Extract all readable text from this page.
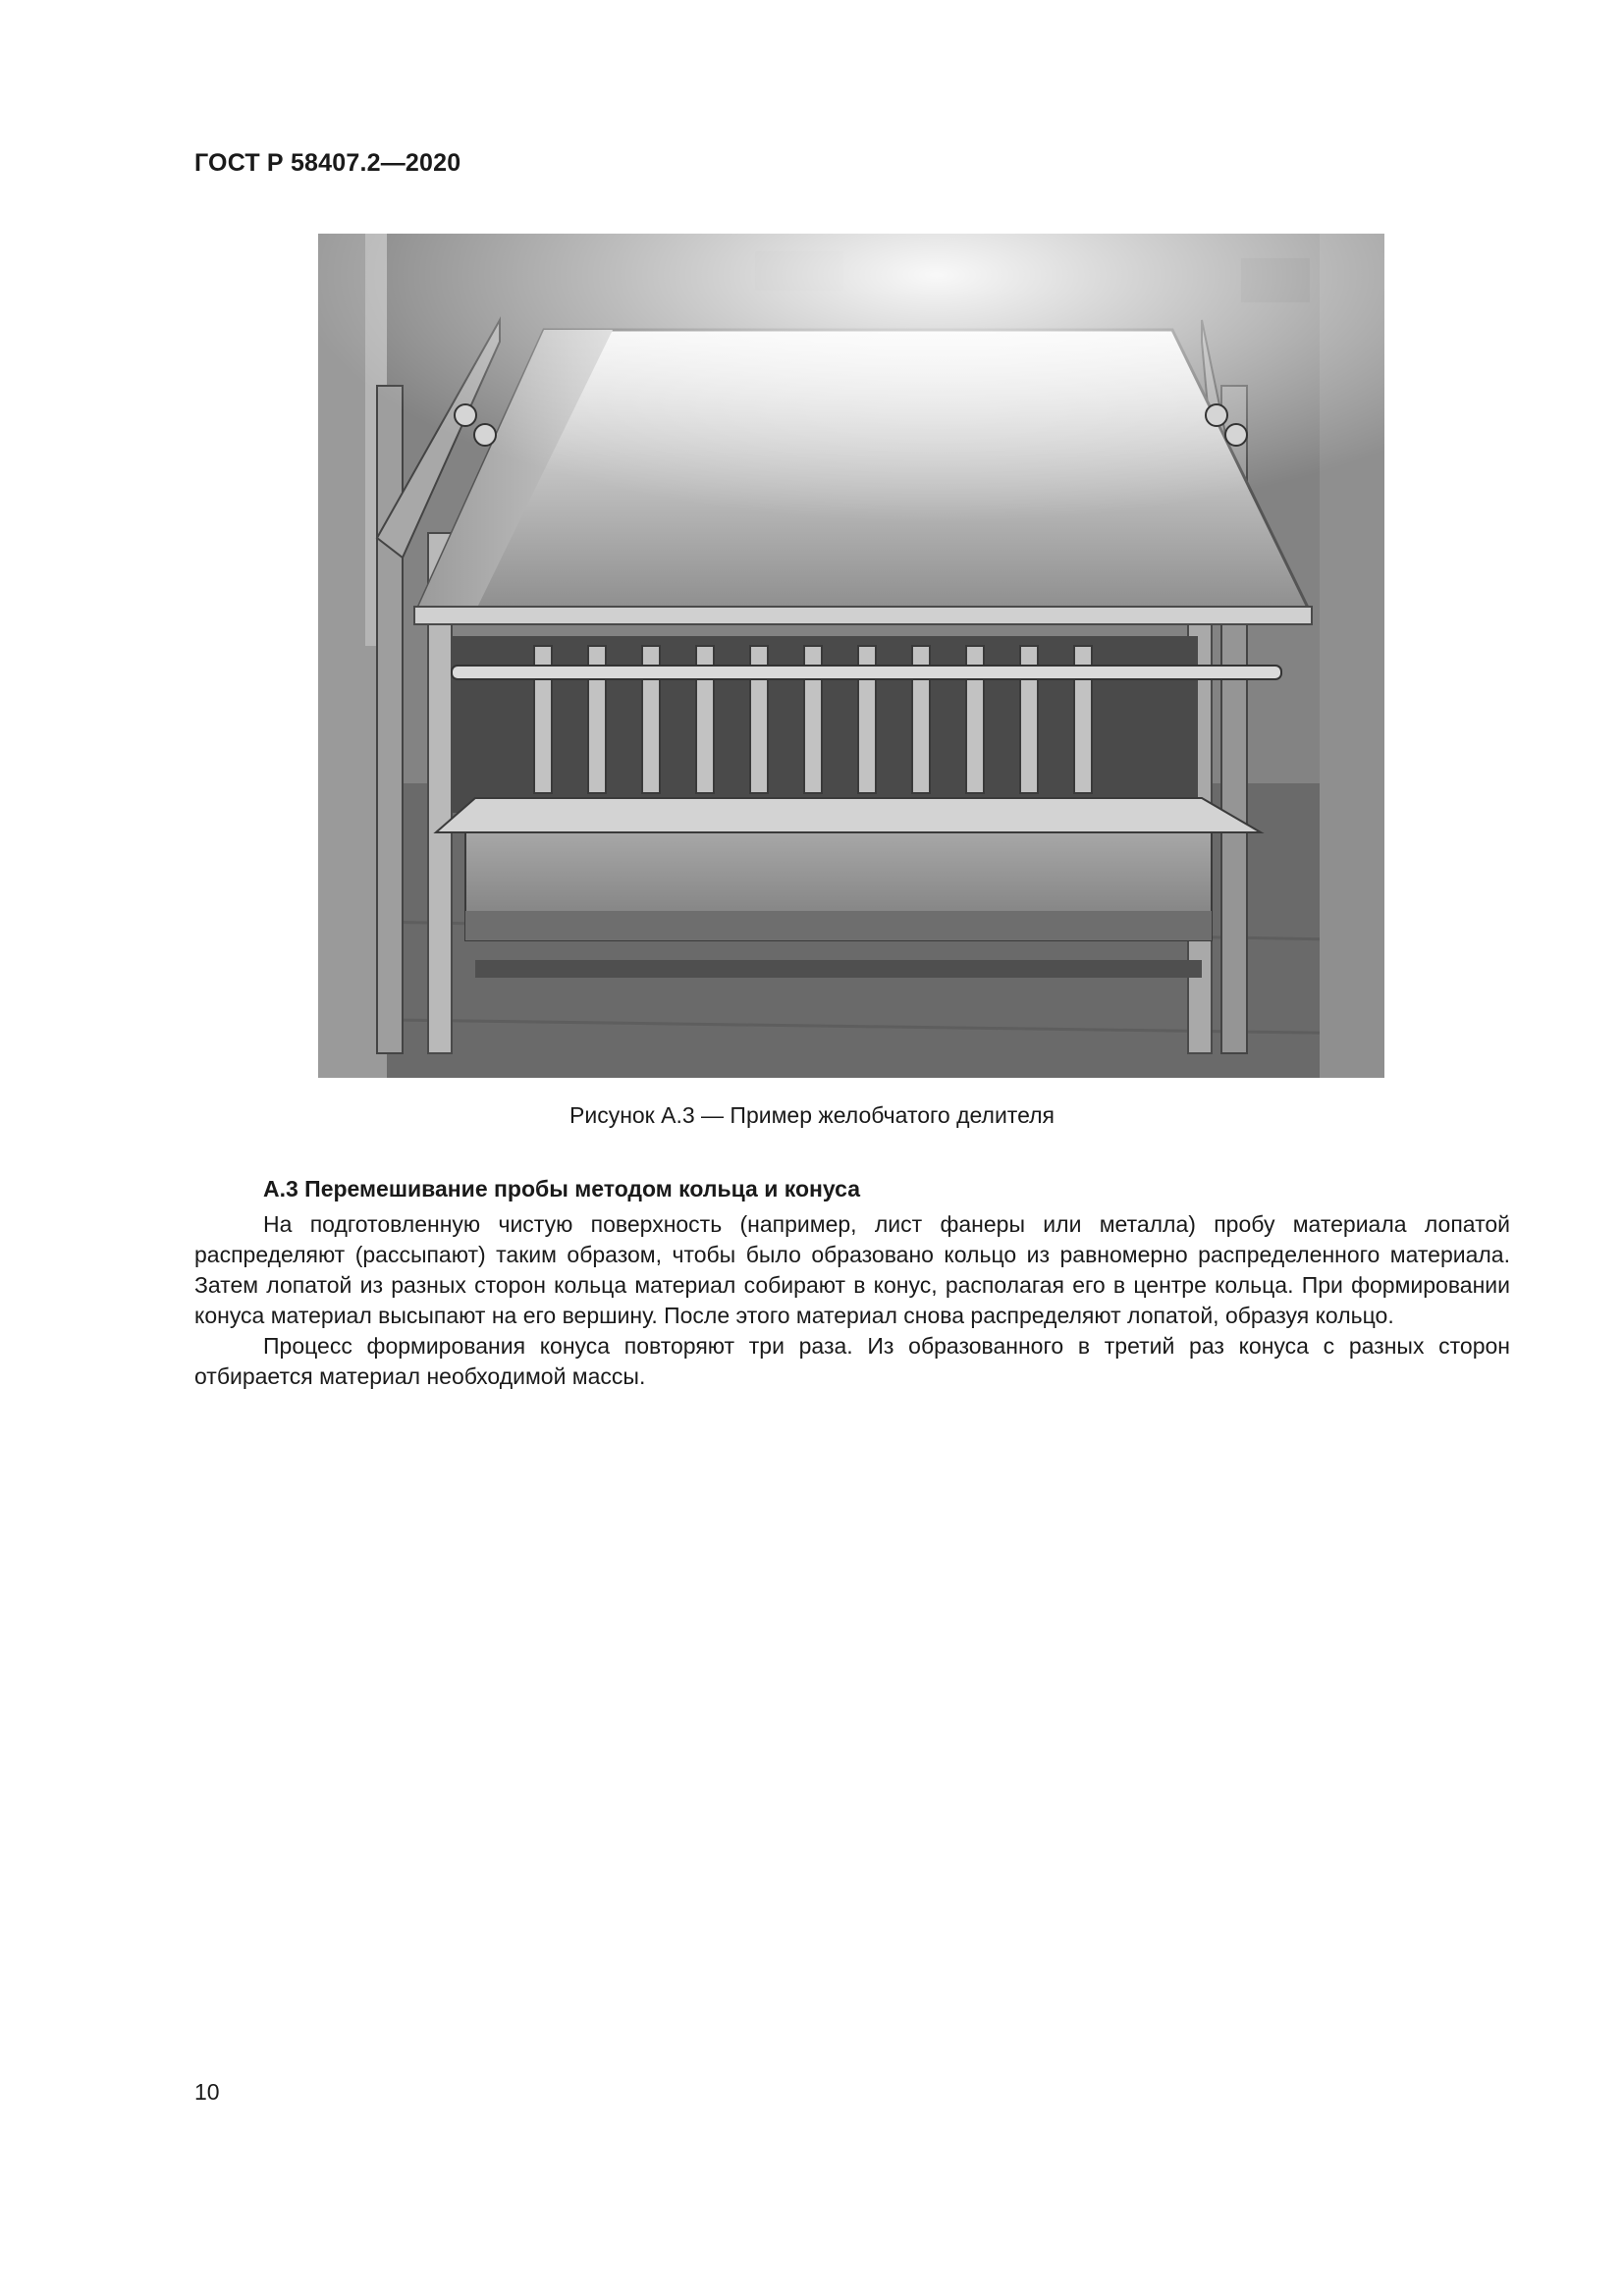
ГОСТ Р 58407.2—2020
Рисунок А.3 — Пример желобчатого делителя
А.3 Перемешивание пробы методом кольца и конуса

На подготовленную чистую поверхность (например, лист фанеры или металла) пробу материала лопатой распределяют (рассыпают) таким образом, чтобы было образовано кольцо из равномерно распределенного материала. Затем лопатой из разных сторон кольца материал собирают в конус, располагая его в центре кольца. При формировании конуса материал высыпают на его вершину. После этого материал снова распределяют лопатой, образуя кольцо.

Процесс формирования конуса повторяют три раза. Из образованного в третий раз конуса с разных сторон отбирается материал необходимой массы.

10
